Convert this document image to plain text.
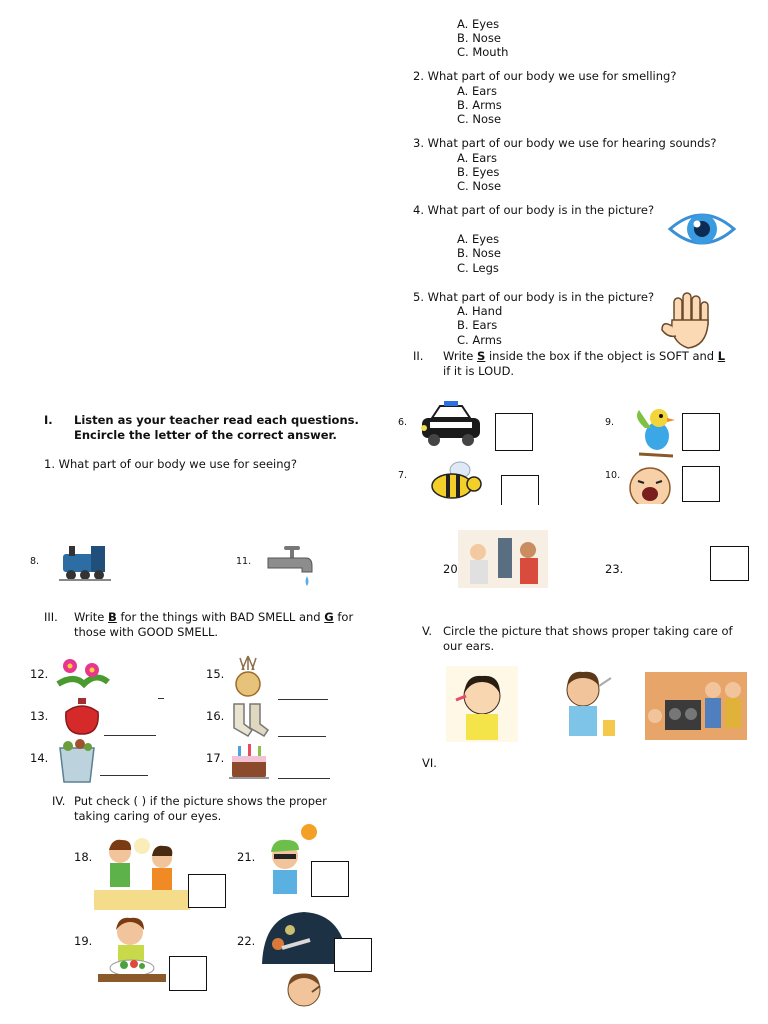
A. Eyes
B. Nose
C. Mouth
2. What part of our body we use for smelling?
A. Ears
B. Arms
C. Nose
3. What part of our body we use for hearing sounds?
A. Ears
B. Eyes
C. Nose
4. What part of our body is in the picture?
A. Eyes
B. Nose
C. Legs
5. What part of our body is in the picture?
A. Hand
B. Ears
C. Arms
II. Write S inside the box if the object is SOFT and L
if it is LOUD.
I. Listen as your teacher read each questions.
Encircle the letter of the correct answer.
1. What part of our body we use for seeing?
6.	9.
7.	10.
8.	11.
20	23.
III. Write B for the things with BAD SMELL and G for
those with GOOD SMELL.
12.	15.
13.	16.
14.	17.
V. Circle the picture that shows proper taking care of
our ears.
VI.
IV. Put check ( ) if the picture shows the proper
taking caring of our eyes.
18.	21.
19.	22.
